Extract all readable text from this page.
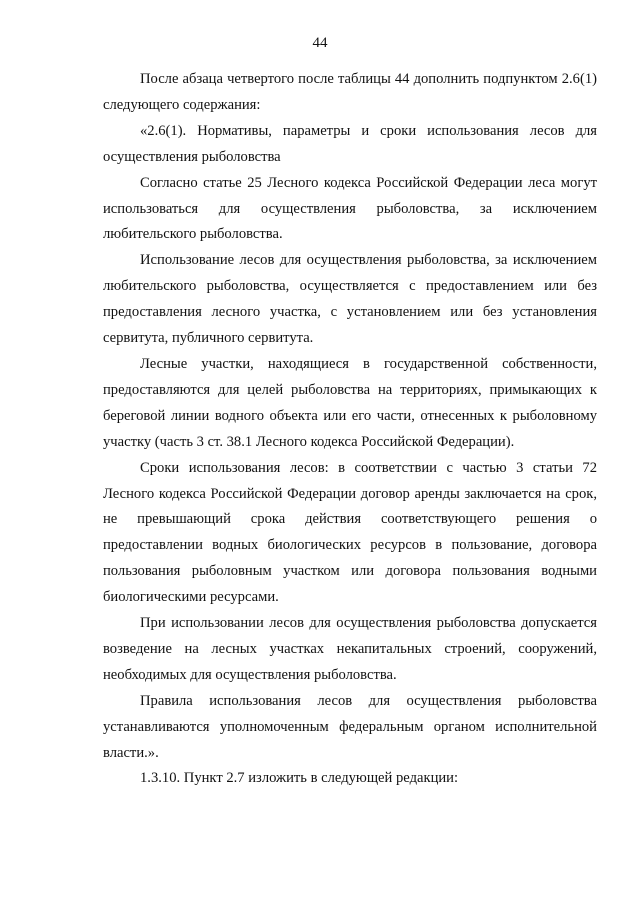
44

После абзаца четвертого после таблицы 44 дополнить подпунктом 2.6(1) следующего содержания:

«2.6(1). Нормативы, параметры и сроки использования лесов для осуществления рыболовства

Согласно статье 25 Лесного кодекса Российской Федерации леса могут использоваться для осуществления рыболовства, за исключением любительского рыболовства.

Использование лесов для осуществления рыболовства, за исключением любительского рыболовства, осуществляется с предоставлением или без предоставления лесного участка, с установлением или без установления сервитута, публичного сервитута.

Лесные участки, находящиеся в государственной собственности, предоставляются для целей рыболовства на территориях, примыкающих к береговой линии водного объекта или его части, отнесенных к рыболовному участку (часть 3 ст. 38.1 Лесного кодекса Российской Федерации).

Сроки использования лесов: в соответствии с частью 3 статьи 72 Лесного кодекса Российской Федерации договор аренды заключается на срок, не превышающий срока действия соответствующего решения о предоставлении водных биологических ресурсов в пользование, договора пользования рыболовным участком или договора пользования водными биологическими ресурсами.

При использовании лесов для осуществления рыболовства допускается возведение на лесных участках некапитальных строений, сооружений, необходимых для осуществления рыболовства.

Правила использования лесов для осуществления рыболовства устанавливаются уполномоченным федеральным органом исполнительной власти.».

1.3.10. Пункт 2.7 изложить в следующей редакции:
